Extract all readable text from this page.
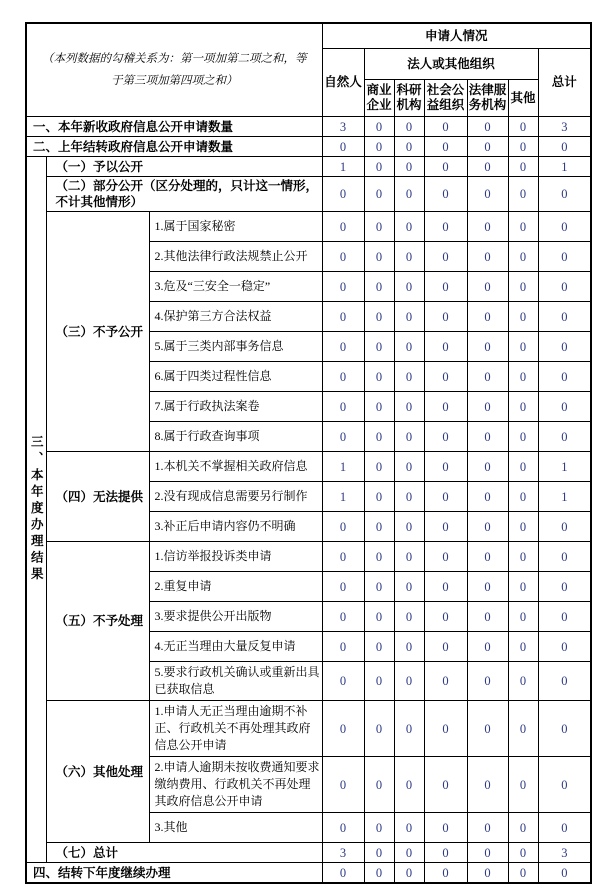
（本列数据的勾稽关系为：第一项加第二项之和，等于第三项加第四项之和）			申请人情况						
			自然人	法人或其他组织					总计
				商业企业	科研机构	社会公益组织	法律服务机构	其他	
一、本年新收政府信息公开申请数量			3	0	0	0	0	0	3
二、上年结转政府信息公开申请数量			0	0	0	0	0	0	0
三、本年度办理结果	（一）予以公开		1	0	0	0	0	0	1
	（二）部分公开（区分处理的，只计这一情形，不计其他情形）		0	0	0	0	0	0	0
	（三）不予公开	1.属于国家秘密	0	0	0	0	0	0	0
		2.其他法律行政法规禁止公开	0	0	0	0	0	0	0
		3.危及“三安全一稳定”	0	0	0	0	0	0	0
		4.保护第三方合法权益	0	0	0	0	0	0	0
		5.属于三类内部事务信息	0	0	0	0	0	0	0
		6.属于四类过程性信息	0	0	0	0	0	0	0
		7.属于行政执法案卷	0	0	0	0	0	0	0
		8.属于行政查询事项	0	0	0	0	0	0	0
	（四）无法提供	1.本机关不掌握相关政府信息	1	0	0	0	0	0	1
		2.没有现成信息需要另行制作	1	0	0	0	0	0	1
		3.补正后申请内容仍不明确	0	0	0	0	0	0	0
	（五）不予处理	1.信访举报投诉类申请	0	0	0	0	0	0	0
		2.重复申请	0	0	0	0	0	0	0
		3.要求提供公开出版物	0	0	0	0	0	0	0
		4.无正当理由大量反复申请	0	0	0	0	0	0	0
		5.要求行政机关确认或重新出具已获取信息	0	0	0	0	0	0	0
	（六）其他处理	1.申请人无正当理由逾期不补正、行政机关不再处理其政府信息公开申请	0	0	0	0	0	0	0
		2.申请人逾期未按收费通知要求缴纳费用、行政机关不再处理其政府信息公开申请	0	0	0	0	0	0	0
		3.其他	0	0	0	0	0	0	0
	（七）总计		3	0	0	0	0	0	3
四、结转下年度继续办理			0	0	0	0	0	0	0
